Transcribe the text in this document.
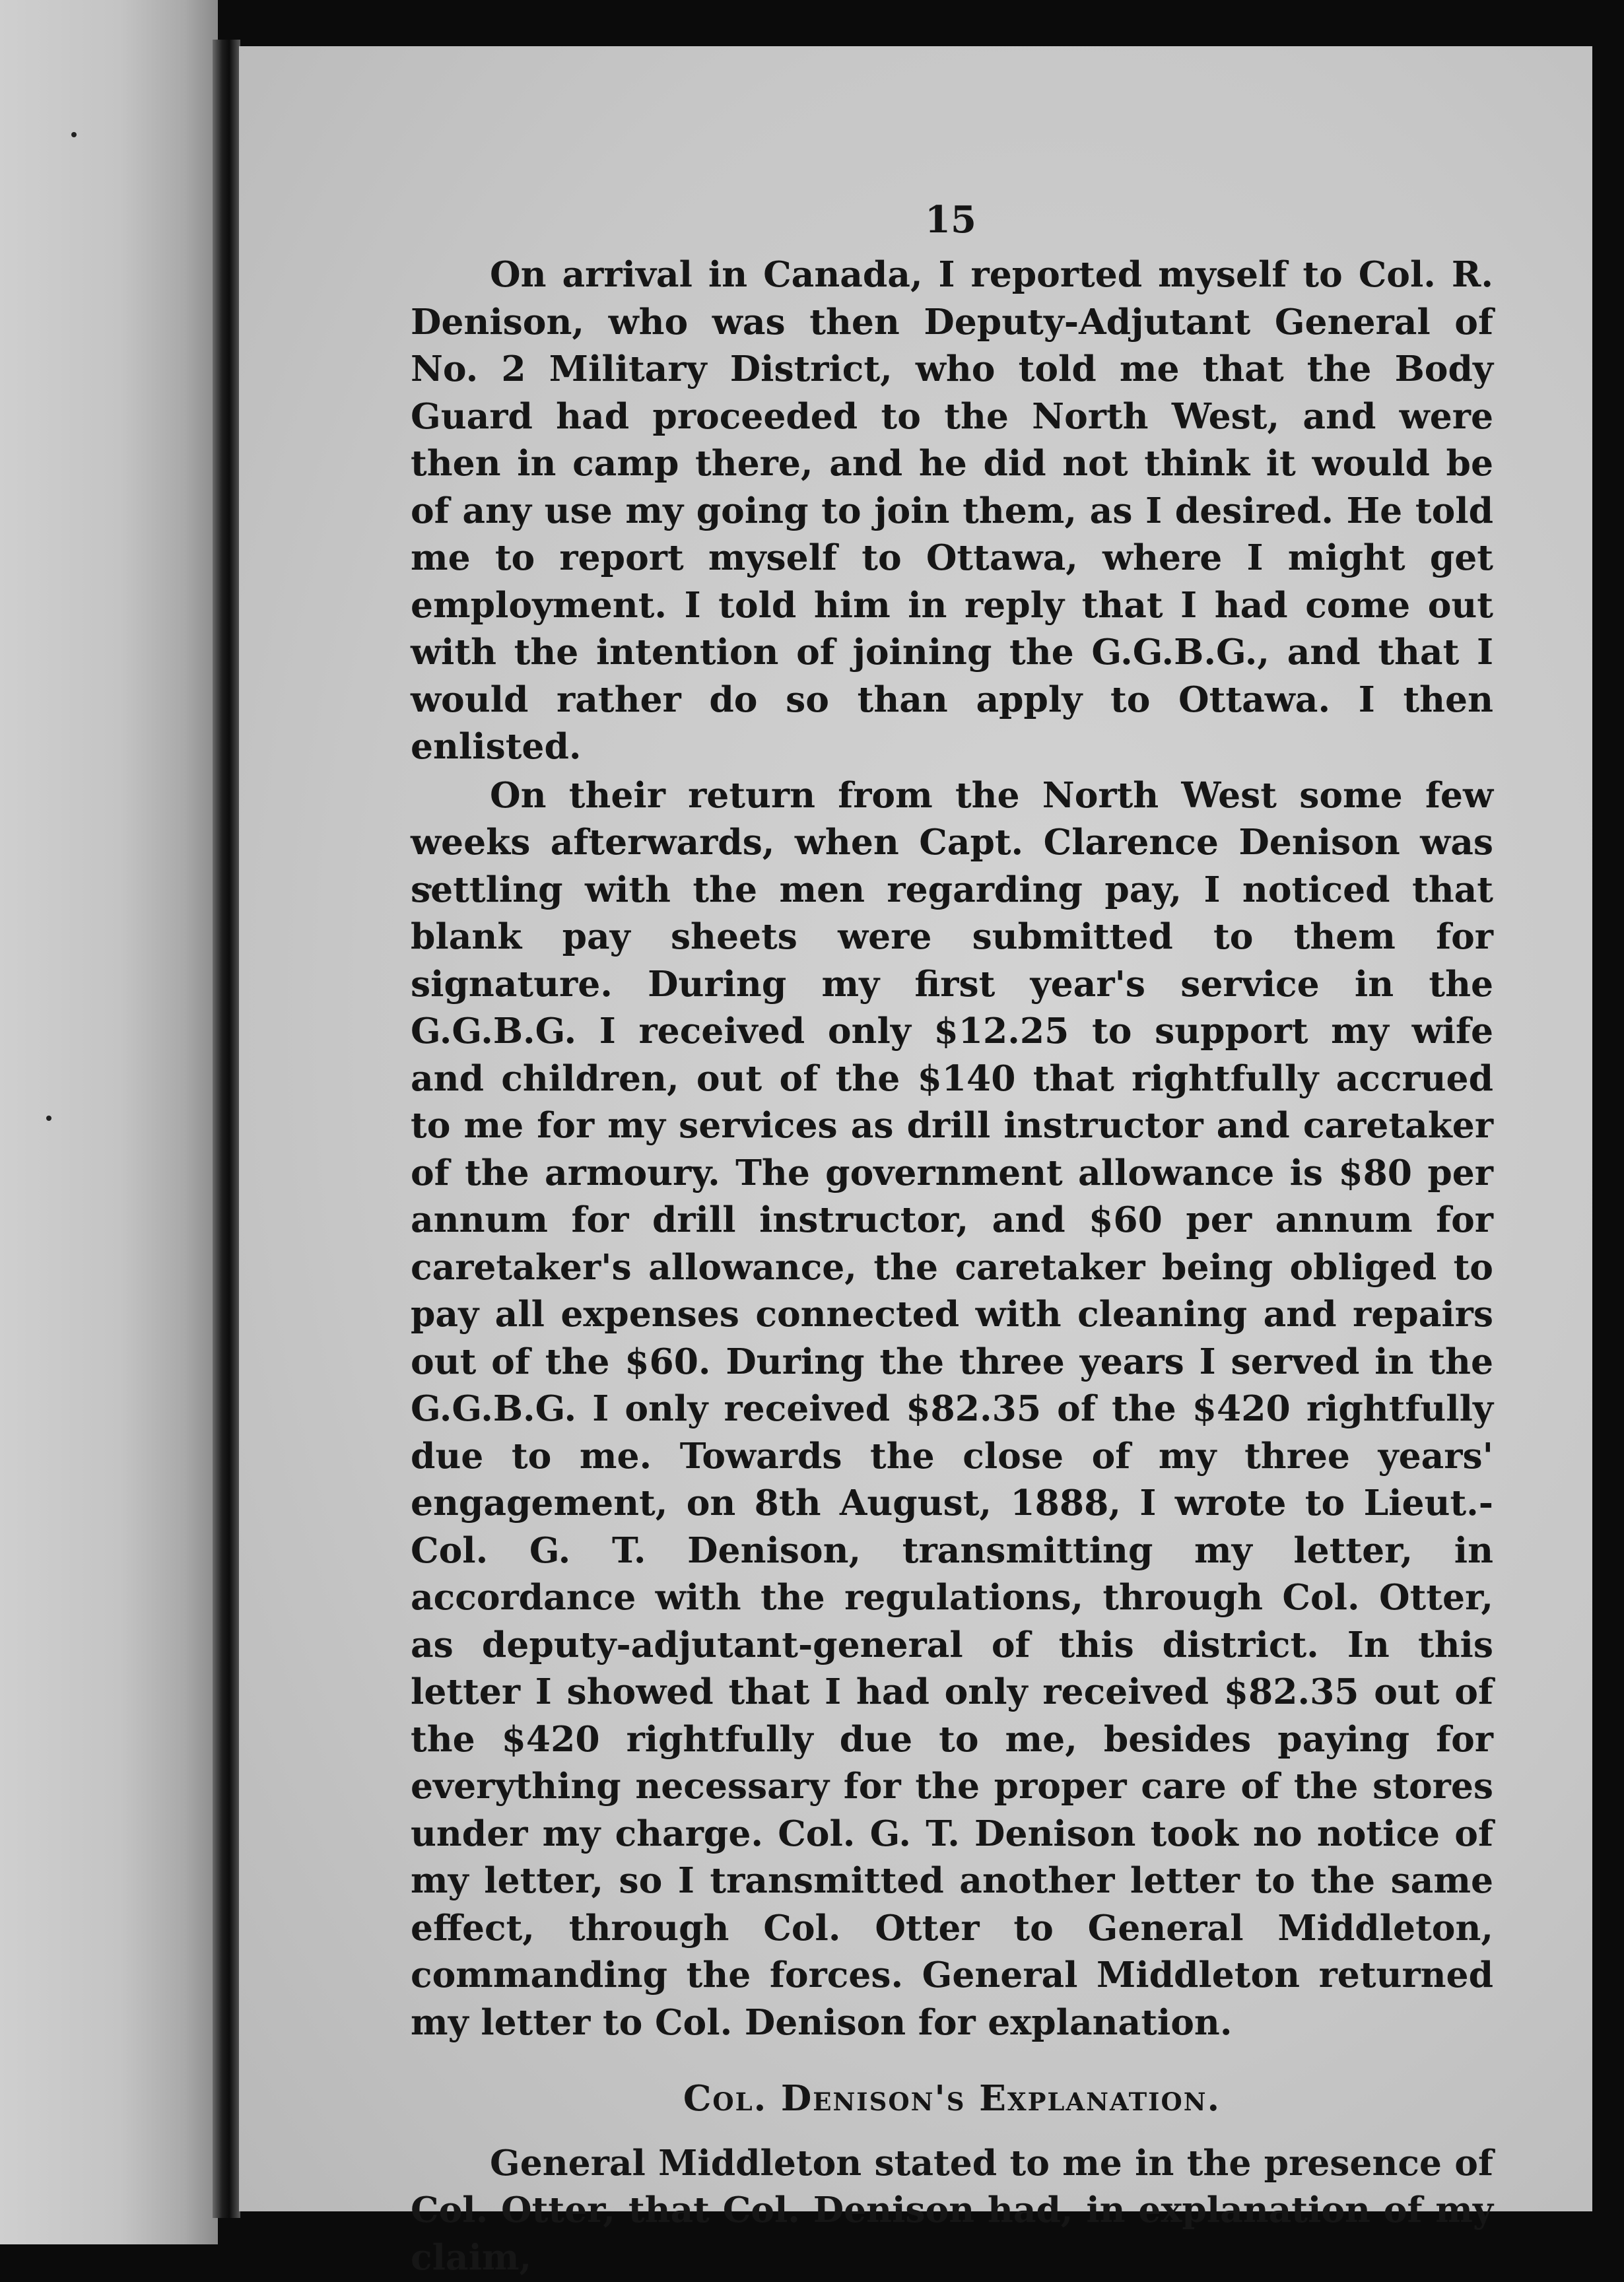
15

On arrival in Canada, I reported myself to Col. R. Denison, who was then Deputy-Adjutant General of No. 2 Military District, who told me that the Body Guard had proceeded to the North West, and were then in camp there, and he did not think it would be of any use my going to join them, as I desired. He told me to report myself to Ottawa, where I might get employment. I told him in reply that I had come out with the intention of joining the G.G.B.G., and that I would rather do so than apply to Ottawa. I then enlisted.

On their return from the North West some few weeks afterwards, when Capt. Clarence Denison was settling with the men regarding pay, I noticed that blank pay sheets were submitted to them for signature. During my first year's service in the G.G.B.G. I received only $12.25 to support my wife and children, out of the $140 that rightfully accrued to me for my services as drill instructor and caretaker of the armoury. The government allowance is $80 per annum for drill instructor, and $60 per annum for caretaker's allowance, the caretaker being obliged to pay all expenses connected with cleaning and repairs out of the $60. During the three years I served in the G.G.B.G. I only received $82.35 of the $420 rightfully due to me. Towards the close of my three years' engagement, on 8th August, 1888, I wrote to Lieut.-Col. G. T. Denison, transmitting my letter, in accordance with the regulations, through Col. Otter, as deputy-adjutant-general of this district. In this letter I showed that I had only received $82.35 out of the $420 rightfully due to me, besides paying for everything necessary for the proper care of the stores under my charge. Col. G. T. Denison took no notice of my letter, so I transmitted another letter to the same effect, through Col. Otter to General Middleton, commanding the forces. General Middleton returned my letter to Col. Denison for explanation.

Col. Denison's Explanation.

General Middleton stated to me in the presence of Col. Otter, that Col. Denison had, in explanation of my claim,
